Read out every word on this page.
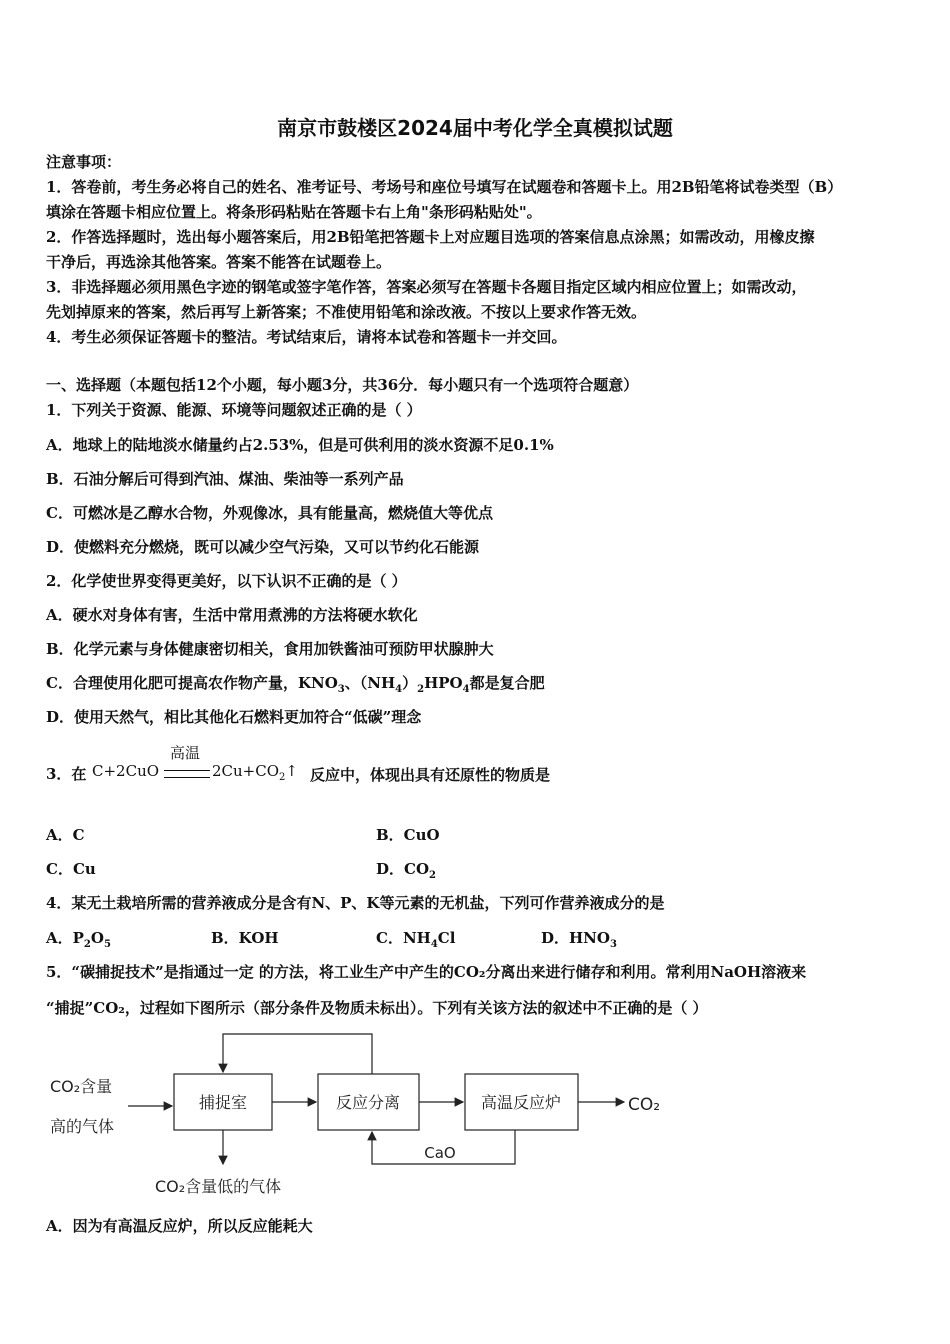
南京市鼓楼区2024届中考化学全真模拟试题
注意事项：
1．答卷前，考生务必将自己的姓名、准考证号、考场号和座位号填写在试题卷和答题卡上。用2B铅笔将试卷类型（B）
填涂在答题卡相应位置上。将条形码粘贴在答题卡右上角"条形码粘贴处"。
2．作答选择题时，选出每小题答案后，用2B铅笔把答题卡上对应题目选项的答案信息点涂黑；如需改动，用橡皮擦
干净后，再选涂其他答案。答案不能答在试题卷上。
3．非选择题必须用黑色字迹的钢笔或签字笔作答，答案必须写在答题卡各题目指定区域内相应位置上；如需改动，
先划掉原来的答案，然后再写上新答案；不准使用铅笔和涂改液。不按以上要求作答无效。
4．考生必须保证答题卡的整洁。考试结束后，请将本试卷和答题卡一并交回。
一、选择题（本题包括12个小题，每小题3分，共36分．每小题只有一个选项符合题意）
1．下列关于资源、能源、环境等问题叙述正确的是（ ）
A．地球上的陆地淡水储量约占2.53%，但是可供利用的淡水资源不足0.1%
B．石油分解后可得到汽油、煤油、柴油等一系列产品
C．可燃冰是乙醇水合物，外观像冰，具有能量高，燃烧值大等优点
D．使燃料充分燃烧，既可以减少空气污染，又可以节约化石能源
2．化学使世界变得更美好，以下认识不正确的是（ ）
A．硬水对身体有害，生活中常用煮沸的方法将硬水软化
B．化学元素与身体健康密切相关，食用加铁酱油可预防甲状腺肿大
C．合理使用化肥可提高农作物产量，$KNO_3$、$(NH_4)_2HPO_4$都是复合肥
D．使用天然气，相比其他化石燃料更加符合“低碳”理念
3．在
高温
C+2CuO	$2Cu+CO_2↑$ 反应中，体现出具有还原性的物质是
A．C	B．CuO
C．Cu	D．$CO_2$
4．某无土栽培所需的营养液成分是含有N、P、K等元素的无机盐，下列可作营养液成分的是
A．$P_2O_5$	B．KOH	C．$NH_4Cl$	D．$HNO_3$
5．“碳捕捉技术”是指通过一定 的方法，将工业生产中产生的CO₂分离出来进行储存和利用。常利用NaOH溶液来
“捕捉”CO₂，过程如下图所示（部分条件及物质未标出）。下列有关该方法的叙述中不正确的是（ ）
CO₂含量
高的气体
捕捉室	反应分离	高温反应炉	CO₂
CaO
CO₂含量低的气体
A．因为有高温反应炉，所以反应能耗大
